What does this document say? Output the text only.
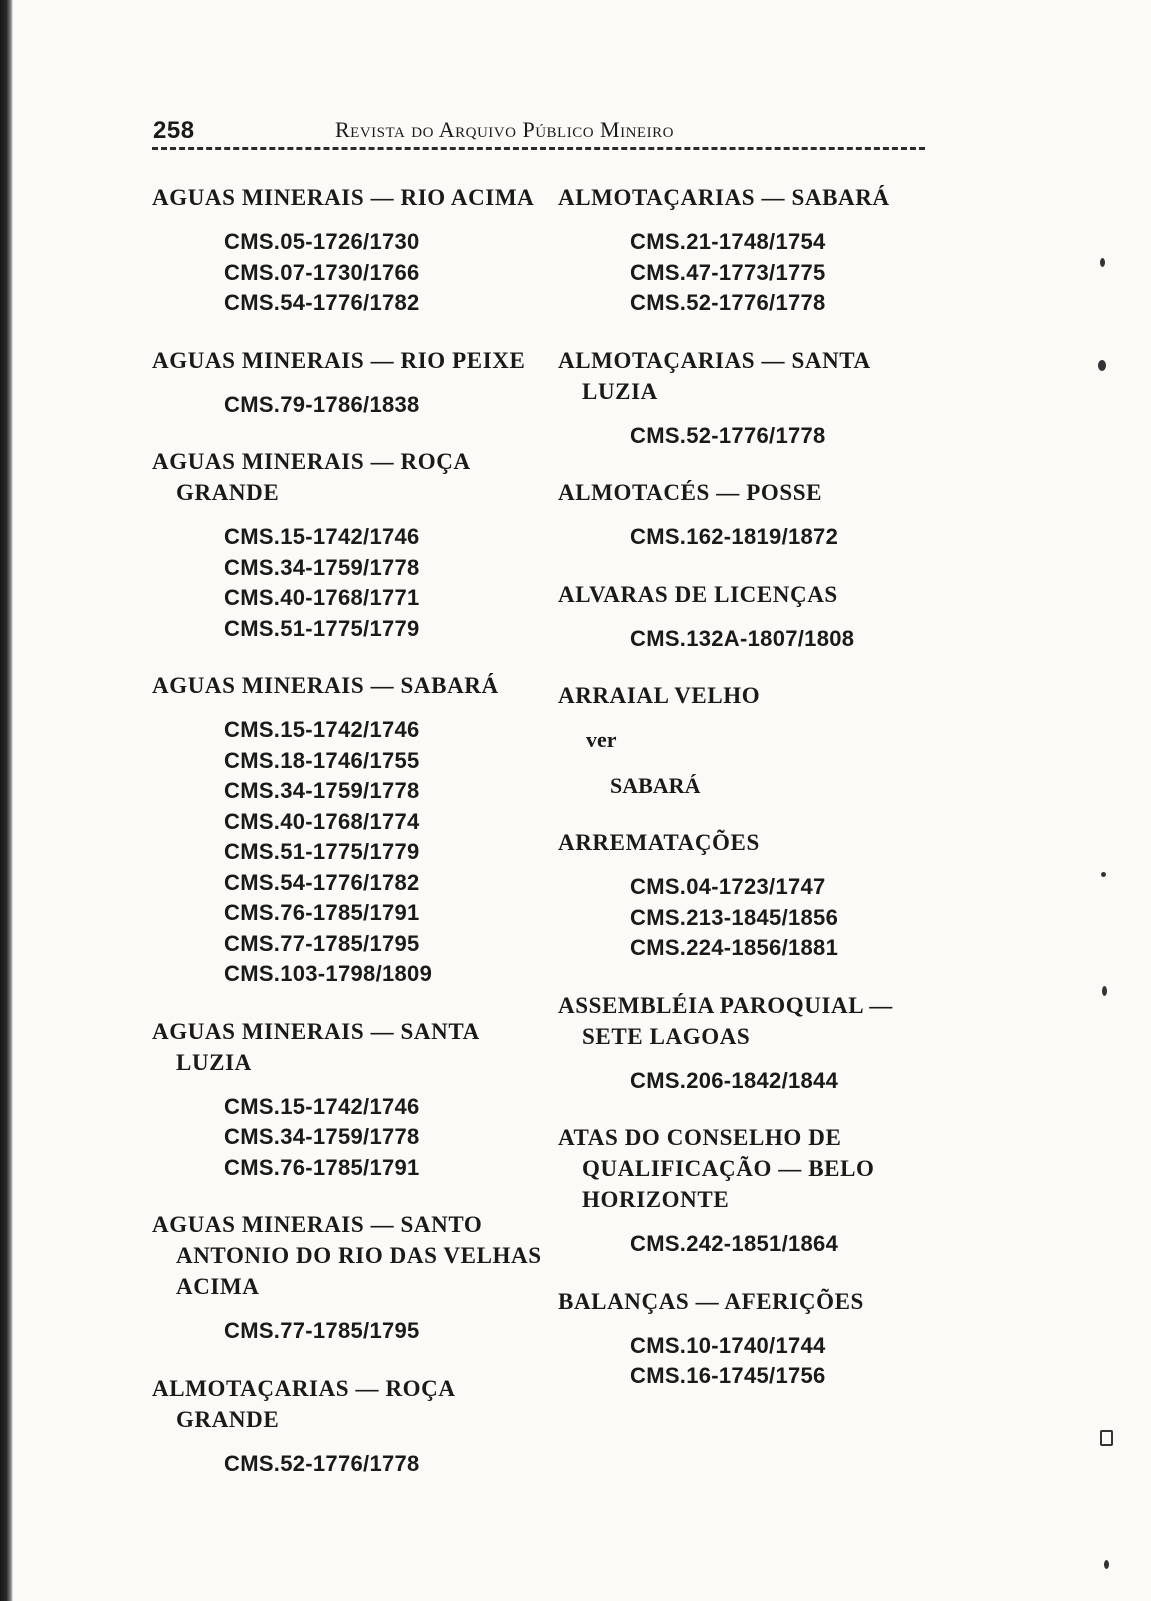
258	Revista do Arquivo Público Mineiro
AGUAS MINERAIS — RIO ACIMA
CMS.05-1726/1730
CMS.07-1730/1766
CMS.54-1776/1782
AGUAS MINERAIS — RIO PEIXE
CMS.79-1786/1838
AGUAS MINERAIS — ROÇA GRANDE
CMS.15-1742/1746
CMS.34-1759/1778
CMS.40-1768/1771
CMS.51-1775/1779
AGUAS MINERAIS — SABARÁ
CMS.15-1742/1746
CMS.18-1746/1755
CMS.34-1759/1778
CMS.40-1768/1774
CMS.51-1775/1779
CMS.54-1776/1782
CMS.76-1785/1791
CMS.77-1785/1795
CMS.103-1798/1809
AGUAS MINERAIS — SANTA LUZIA
CMS.15-1742/1746
CMS.34-1759/1778
CMS.76-1785/1791
AGUAS MINERAIS — SANTO ANTONIO DO RIO DAS VELHAS ACIMA
CMS.77-1785/1795
ALMOTAÇARIAS — ROÇA GRANDE
CMS.52-1776/1778
ALMOTAÇARIAS — SABARÁ
CMS.21-1748/1754
CMS.47-1773/1775
CMS.52-1776/1778
ALMOTAÇARIAS — SANTA LUZIA
CMS.52-1776/1778
ALMOTACÉS — POSSE
CMS.162-1819/1872
ALVARAS DE LICENÇAS
CMS.132A-1807/1808
ARRAIAL VELHO
ver
SABARÁ
ARREMATAÇÕES
CMS.04-1723/1747
CMS.213-1845/1856
CMS.224-1856/1881
ASSEMBLÉIA PAROQUIAL — SETE LAGOAS
CMS.206-1842/1844
ATAS DO CONSELHO DE QUALIFICAÇÃO — BELO HORIZONTE
CMS.242-1851/1864
BALANÇAS — AFERIÇÕES
CMS.10-1740/1744
CMS.16-1745/1756
